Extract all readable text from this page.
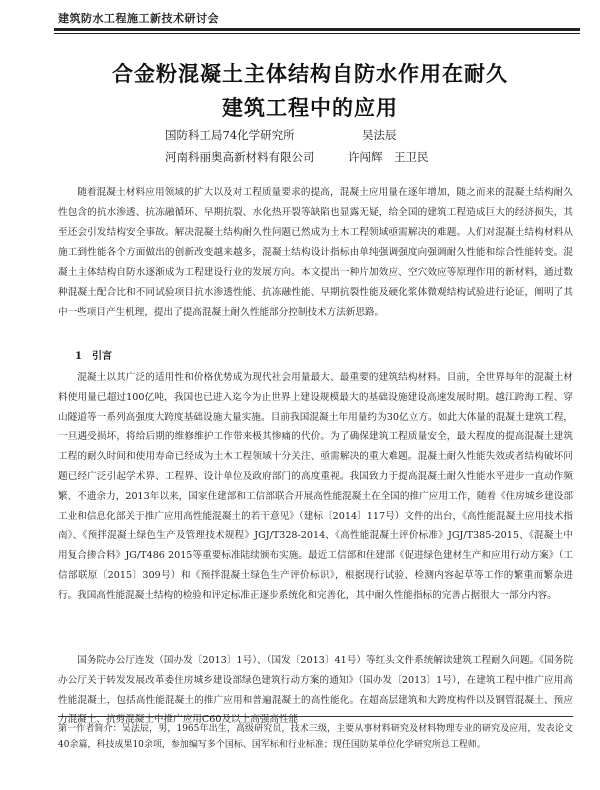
建筑防水工程施工新技术研讨会
合金粉混凝土主体结构自防水作用在耐久
建筑工程中的应用
国防科工局74化学研究所	吴法辰
河南科丽奥高新材料有限公司	许闯辉　王卫民
随着混凝土材料应用领域的扩大以及对工程质量要求的提高，混凝土应用量在逐年增加，随之而来的混凝土结构耐久性包含的抗水渗透、抗冻融循环、早期抗裂、水化热开裂等缺陷也显露无疑，给全国的建筑工程造成巨大的经济损失，其至还会引发结构安全事故。解决混凝土结构耐久性问题已然成为土木工程领域亟需解决的难题。人们对混凝土结构材料从施工到性能各个方面做出的创新改变越来越多，混凝土结构设计指标由单纯强调强度向强调耐久性能和综合性能转变。混凝土主体结构自防水逐渐成为工程建设行业的发展方向。本文提出一种片加效应、空穴效应等原理作用的新材料，通过数种混凝土配合比和不同试验项目抗水渗透性能、抗冻融性能、早期抗裂性能及硬化浆体微观结构试验进行论证，阐明了其中一些项目产生机理，提出了提高混凝土耐久性能部分控制技术方法新思路。
1　引言
混凝土以其广泛的适用性和价格优势成为现代社会用量最大、最重要的建筑结构材料。目前，全世界每年的混凝土材料使用量已超过100亿吨，我国也已进入迄今为止世界上建设规模最大的基础设施建设高速发展时期。越江跨海工程、穿山隧道等一系列高强度大跨度基础设施大量实施。目前我国混凝土年用量约为30亿立方。如此大体量的混凝土建筑工程，一旦遇受损坏，将给后期的维修维护工作带来极其惨痛的代价。为了确保建筑工程质量安全，最大程度的提高混凝土建筑工程的耐久时间和使用寿命已经成为土木工程领域十分关注、亟需解决的重大难题。混凝土耐久性能失效或者结构破坏问题已经广泛引起学术界、工程界、设计单位及政府部门的高度重视。我国致力于提高混凝土耐久性能水平进步一直动作频繁、不遗余力，2013年以来，国家住建部和工信部联合开展高性能混凝土在全国的推广应用工作，随着《住房城乡建设部工业和信息化部关于推广应用高性能混凝土的若干意见》（建标〔2014〕117号）文件的出台，《高性能混凝土应用技术指南》、《预拌混凝土绿色生产及管理技术规程》JGJ/T328-2014、《高性能混凝土评价标准》JGJ/T385-2015、《混凝土中用复合掺合料》JG/T486 2015等重要标准陆续颁布实施。最近工信部和住建部《促进绿色建材生产和应用行动方案》（工信部联原〔2015〕309号）和《预拌混凝土绿色生产评价标识》，根据现行试验、检测内容起草等工作的繁重而繁杂进行。我国高性能混凝土结构的检验和评定标准正逐步系统化和完善化，其中耐久性能指标的完善占据很大一部分内容。
国务院办公厅连发（国办发〔2013〕1号）、（国发〔2013〕41号）等红头文件系统解读建筑工程耐久问题。《国务院办公厅关于转发发展改革委住房城乡建设部绿色建筑行动方案的通知》（国办发〔2013〕1号），在建筑工程中推广应用高性能混凝土，包括高性能混凝土的推广应用和普遍混凝土的高性能化。在超高层建筑和大跨度构件以及钢管混凝土、预应力混凝土、抗剪混凝土中推广应用C60及以上高强高性能
第一作者简介：吴法辰，男，1965年出生，高级研究员，技术三级，主要从事材料研究及材料物理专业的研究及应用，发表论文40余篇，科技成果10余项，参加编写多个国标、国军标和行业标准；现任国防某单位化学研究所总工程师。
